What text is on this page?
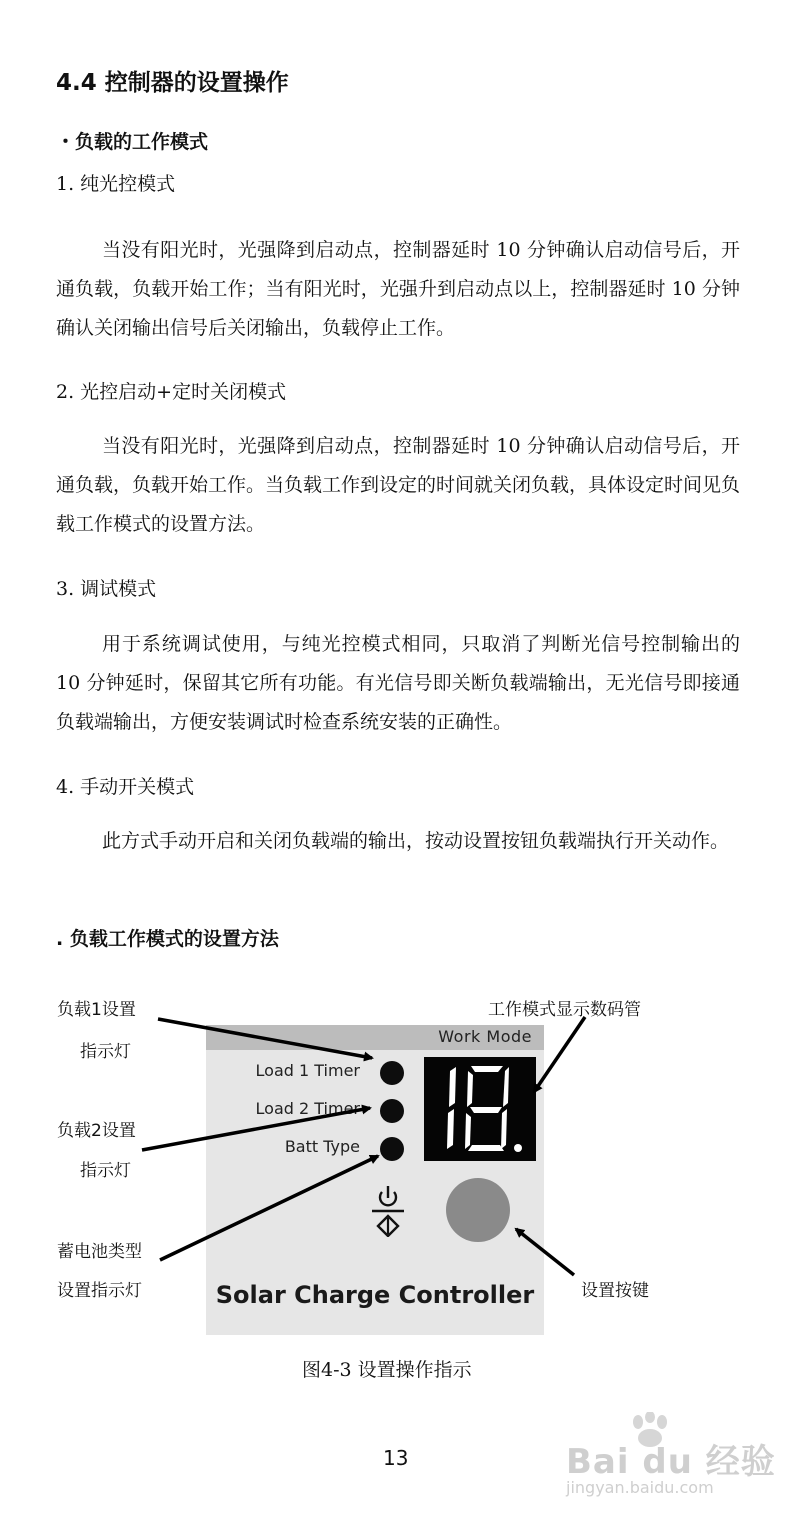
4.4 控制器的设置操作
・负载的工作模式
1. 纯光控模式
当没有阳光时，光强降到启动点，控制器延时 10 分钟确认启动信号后，开通负载，负载开始工作；当有阳光时，光强升到启动点以上，控制器延时 10 分钟确认关闭输出信号后关闭输出，负载停止工作。
2. 光控启动+定时关闭模式
当没有阳光时，光强降到启动点，控制器延时 10 分钟确认启动信号后，开通负载，负载开始工作。当负载工作到设定的时间就关闭负载，具体设定时间见负载工作模式的设置方法。
3. 调试模式
用于系统调试使用，与纯光控模式相同，只取消了判断光信号控制输出的 10 分钟延时，保留其它所有功能。有光信号即关断负载端输出，无光信号即接通负载端输出，方便安装调试时检查系统安装的正确性。
4. 手动开关模式
此方式手动开启和关闭负载端的输出，按动设置按钮负载端执行开关动作。
. 负载工作模式的设置方法
Work Mode
Load 1 Timer
Load 2 Timer
Batt Type
Solar Charge Controller
负载1设置
指示灯
负载2设置
指示灯
蓄电池类型
设置指示灯
工作模式显示数码管
设置按键
图4-3 设置操作指示
13	Bai du 经验
jingyan.baidu.com
